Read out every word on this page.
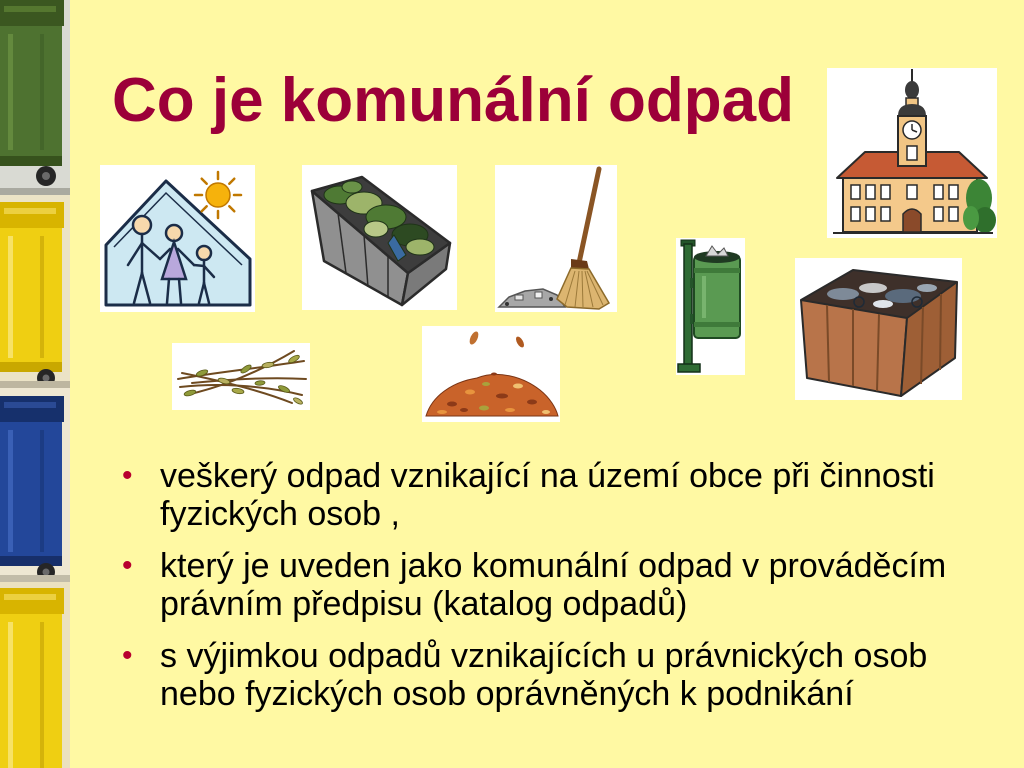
Co je komunální odpad
• veškerý odpad vznikající na území obce při činnosti
fyzických osob ,
• který je uveden jako komunální odpad v prováděcím
právním předpisu (katalog odpadů)
• s výjimkou odpadů vznikajících u právnických osob
nebo fyzických osob oprávněných k podnikání
